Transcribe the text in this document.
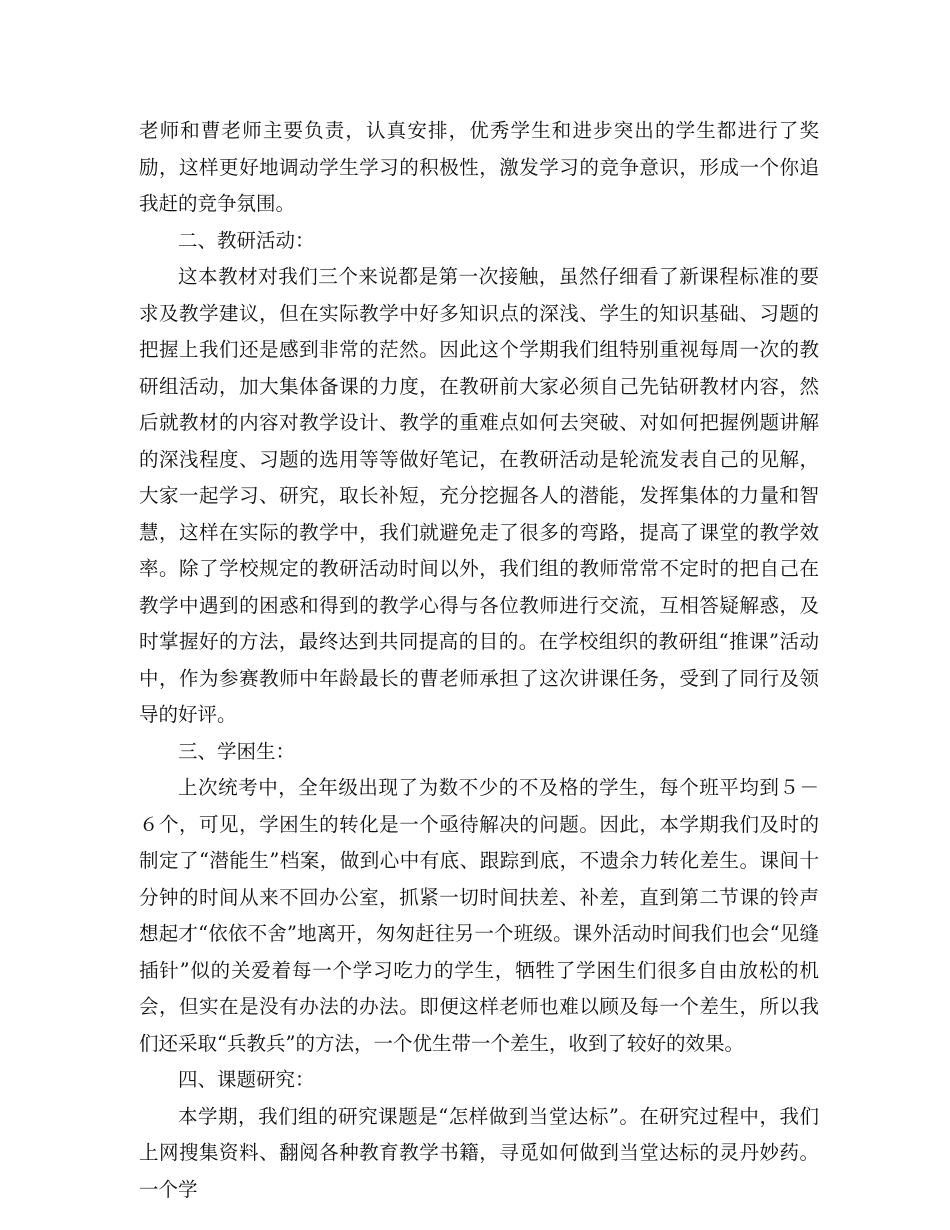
老师和曹老师主要负责，认真安排，优秀学生和进步突出的学生都进行了奖励，这样更好地调动学生学习的积极性，激发学习的竞争意识，形成一个你追我赶的竞争氛围。

二、教研活动：

这本教材对我们三个来说都是第一次接触，虽然仔细看了新课程标准的要求及教学建议，但在实际教学中好多知识点的深浅、学生的知识基础、习题的把握上我们还是感到非常的茫然。因此这个学期我们组特别重视每周一次的教研组活动，加大集体备课的力度，在教研前大家必须自己先钻研教材内容，然后就教材的内容对教学设计、教学的重难点如何去突破、对如何把握例题讲解的深浅程度、习题的选用等等做好笔记，在教研活动是轮流发表自己的见解，大家一起学习、研究，取长补短，充分挖掘各人的潜能，发挥集体的力量和智慧，这样在实际的教学中，我们就避免走了很多的弯路，提高了课堂的教学效率。除了学校规定的教研活动时间以外，我们组的教师常常不定时的把自己在教学中遇到的困惑和得到的教学心得与各位教师进行交流，互相答疑解惑，及时掌握好的方法，最终达到共同提高的目的。在学校组织的教研组“推课”活动中，作为参赛教师中年龄最长的曹老师承担了这次讲课任务，受到了同行及领导的好评。

三、学困生：

上次统考中，全年级出现了为数不少的不及格的学生，每个班平均到５－６个，可见，学困生的转化是一个亟待解决的问题。因此，本学期我们及时的制定了“潜能生”档案，做到心中有底、跟踪到底，不遗余力转化差生。课间十分钟的时间从来不回办公室，抓紧一切时间扶差、补差，直到第二节课的铃声想起才“依依不舍”地离开，匆匆赶往另一个班级。课外活动时间我们也会“见缝插针”似的关爱着每一个学习吃力的学生，牺牲了学困生们很多自由放松的机会，但实在是没有办法的办法。即便这样老师也难以顾及每一个差生，所以我们还采取“兵教兵”的方法，一个优生带一个差生，收到了较好的效果。

四、课题研究：

本学期，我们组的研究课题是“怎样做到当堂达标”。在研究过程中，我们上网搜集资料、翻阅各种教育教学书籍，寻觅如何做到当堂达标的灵丹妙药。一个学
